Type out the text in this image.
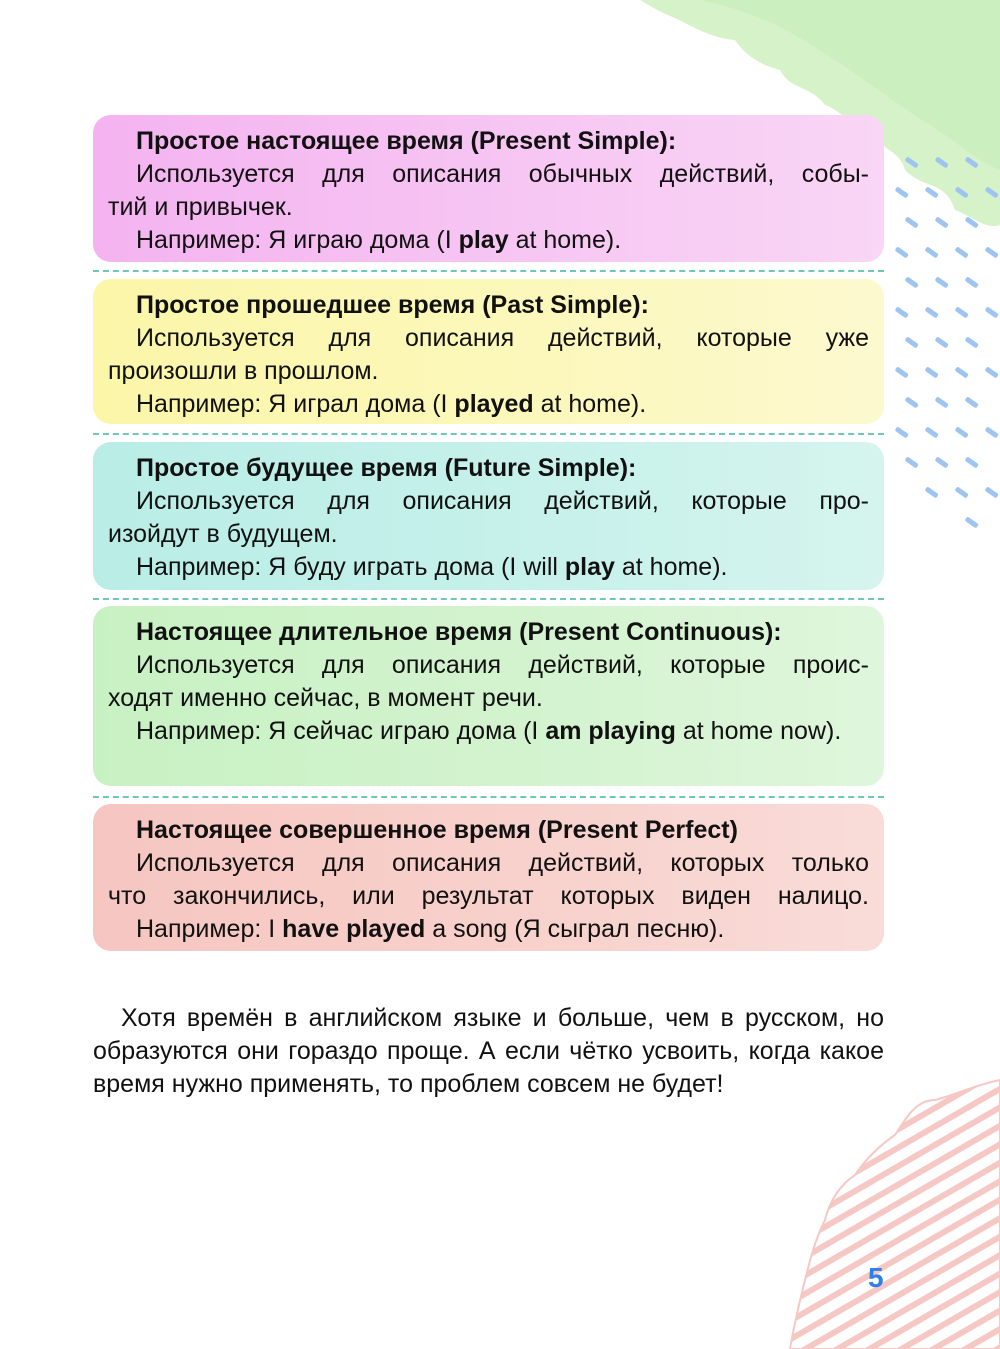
Простое настоящее время (Present Simple):
Используется для описания обычных действий, собы-
тий и привычек.
Например: Я играю дома (I play at home).
Простое прошедшее время (Past Simple):
Используется для описания действий, которые уже
произошли в прошлом.
Например: Я играл дома (I played at home).
Простое будущее время (Future Simple):
Используется для описания действий, которые про-
изойдут в будущем.
Например: Я буду играть дома (I will play at home).
Настоящее длительное время (Present Continuous):
Используется для описания действий, которые проис-
ходят именно сейчас, в момент речи.
Например: Я сейчас играю дома (I am playing at home now).
Настоящее совершенное время (Present Perfect)
Используется для описания действий, которых только
что закончились, или результат которых виден налицо.
Например: I have played a song (Я сыграл песню).

Хотя времён в английском языке и больше, чем в русском, но образуются они гораздо проще. А если чётко усвоить, когда какое время нужно применять, то проблем совсем не будет!

5
